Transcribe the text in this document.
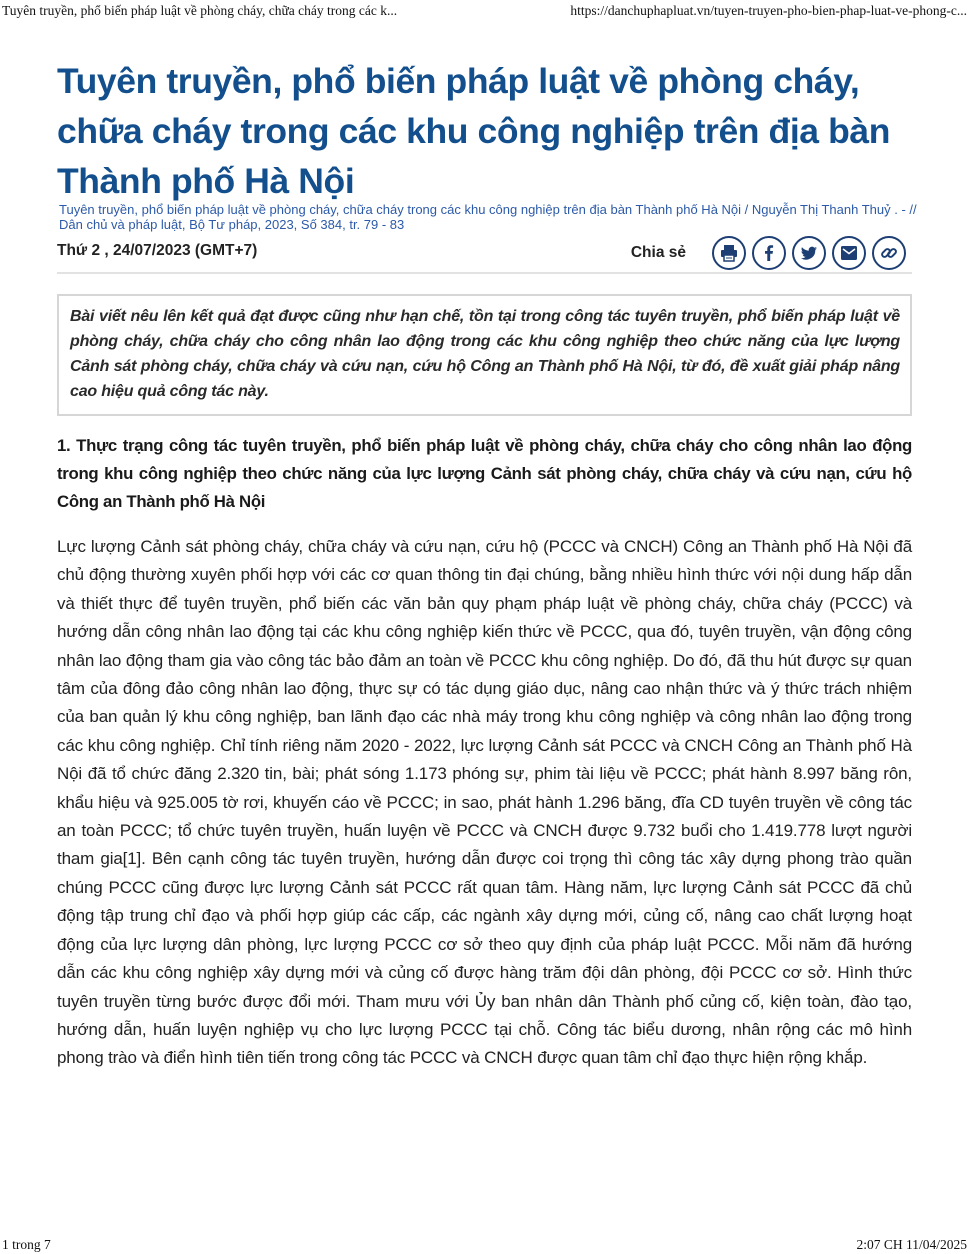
Tuyên truyền, phổ biến pháp luật về phòng cháy, chữa cháy trong các k...	https://danchuphapluat.vn/tuyen-truyen-pho-bien-phap-luat-ve-phong-c...
Tuyên truyền, phổ biến pháp luật về phòng cháy, chữa cháy trong các khu công nghiệp trên địa bàn Thành phố Hà Nội
Tuyên truyền, phổ biến pháp luật về phòng cháy, chữa cháy trong các khu công nghiệp trên địa bàn Thành phố Hà Nội / Nguyễn Thị Thanh Thuỷ . - // Dân chủ và pháp luật, Bộ Tư pháp, 2023, Số 384, tr. 79 - 83
Thứ 2 , 24/07/2023 (GMT+7)	Chia sẻ
Bài viết nêu lên kết quả đạt được cũng như hạn chế, tồn tại trong công tác tuyên truyền, phổ biến pháp luật về phòng cháy, chữa cháy cho công nhân lao động trong các khu công nghiệp theo chức năng của lực lượng Cảnh sát phòng cháy, chữa cháy và cứu nạn, cứu hộ Công an Thành phố Hà Nội, từ đó, đề xuất giải pháp nâng cao hiệu quả công tác này.
1. Thực trạng công tác tuyên truyền, phổ biến pháp luật về phòng cháy, chữa cháy cho công nhân lao động trong khu công nghiệp theo chức năng của lực lượng Cảnh sát phòng cháy, chữa cháy và cứu nạn, cứu hộ Công an Thành phố Hà Nội

Lực lượng Cảnh sát phòng cháy, chữa cháy và cứu nạn, cứu hộ (PCCC và CNCH) Công an Thành phố Hà Nội đã chủ động thường xuyên phối hợp với các cơ quan thông tin đại chúng, bằng nhiều hình thức với nội dung hấp dẫn và thiết thực để tuyên truyền, phổ biến các văn bản quy phạm pháp luật về phòng cháy, chữa cháy (PCCC) và hướng dẫn công nhân lao động tại các khu công nghiệp kiến thức về PCCC, qua đó, tuyên truyền, vận động công nhân lao động tham gia vào công tác bảo đảm an toàn về PCCC khu công nghiệp. Do đó, đã thu hút được sự quan tâm của đông đảo công nhân lao động, thực sự có tác dụng giáo dục, nâng cao nhận thức và ý thức trách nhiệm của ban quản lý khu công nghiệp, ban lãnh đạo các nhà máy trong khu công nghiệp và công nhân lao động trong các khu công nghiệp. Chỉ tính riêng năm 2020 - 2022, lực lượng Cảnh sát PCCC và CNCH Công an Thành phố Hà Nội đã tổ chức đăng 2.320 tin, bài; phát sóng 1.173 phóng sự, phim tài liệu về PCCC; phát hành 8.997 băng rôn, khẩu hiệu và 925.005 tờ rơi, khuyến cáo về PCCC; in sao, phát hành 1.296 băng, đĩa CD tuyên truyền về công tác an toàn PCCC; tổ chức tuyên truyền, huấn luyện về PCCC và CNCH được 9.732 buổi cho 1.419.778 lượt người tham gia[1]. Bên cạnh công tác tuyên truyền, hướng dẫn được coi trọng thì công tác xây dựng phong trào quần chúng PCCC cũng được lực lượng Cảnh sát PCCC rất quan tâm. Hàng năm, lực lượng Cảnh sát PCCC đã chủ động tập trung chỉ đạo và phối hợp giúp các cấp, các ngành xây dựng mới, củng cố, nâng cao chất lượng hoạt động của lực lượng dân phòng, lực lượng PCCC cơ sở theo quy định của pháp luật PCCC. Mỗi năm đã hướng dẫn các khu công nghiệp xây dựng mới và củng cố được hàng trăm đội dân phòng, đội PCCC cơ sở. Hình thức tuyên truyền từng bước được đổi mới. Tham mưu với Ủy ban nhân dân Thành phố củng cố, kiện toàn, đào tạo, hướng dẫn, huấn luyện nghiệp vụ cho lực lượng PCCC tại chỗ. Công tác biểu dương, nhân rộng các mô hình phong trào và điển hình tiên tiến trong công tác PCCC và CNCH được quan tâm chỉ đạo thực hiện rộng khắp.

1 trong 7	2:07 CH 11/04/2025
